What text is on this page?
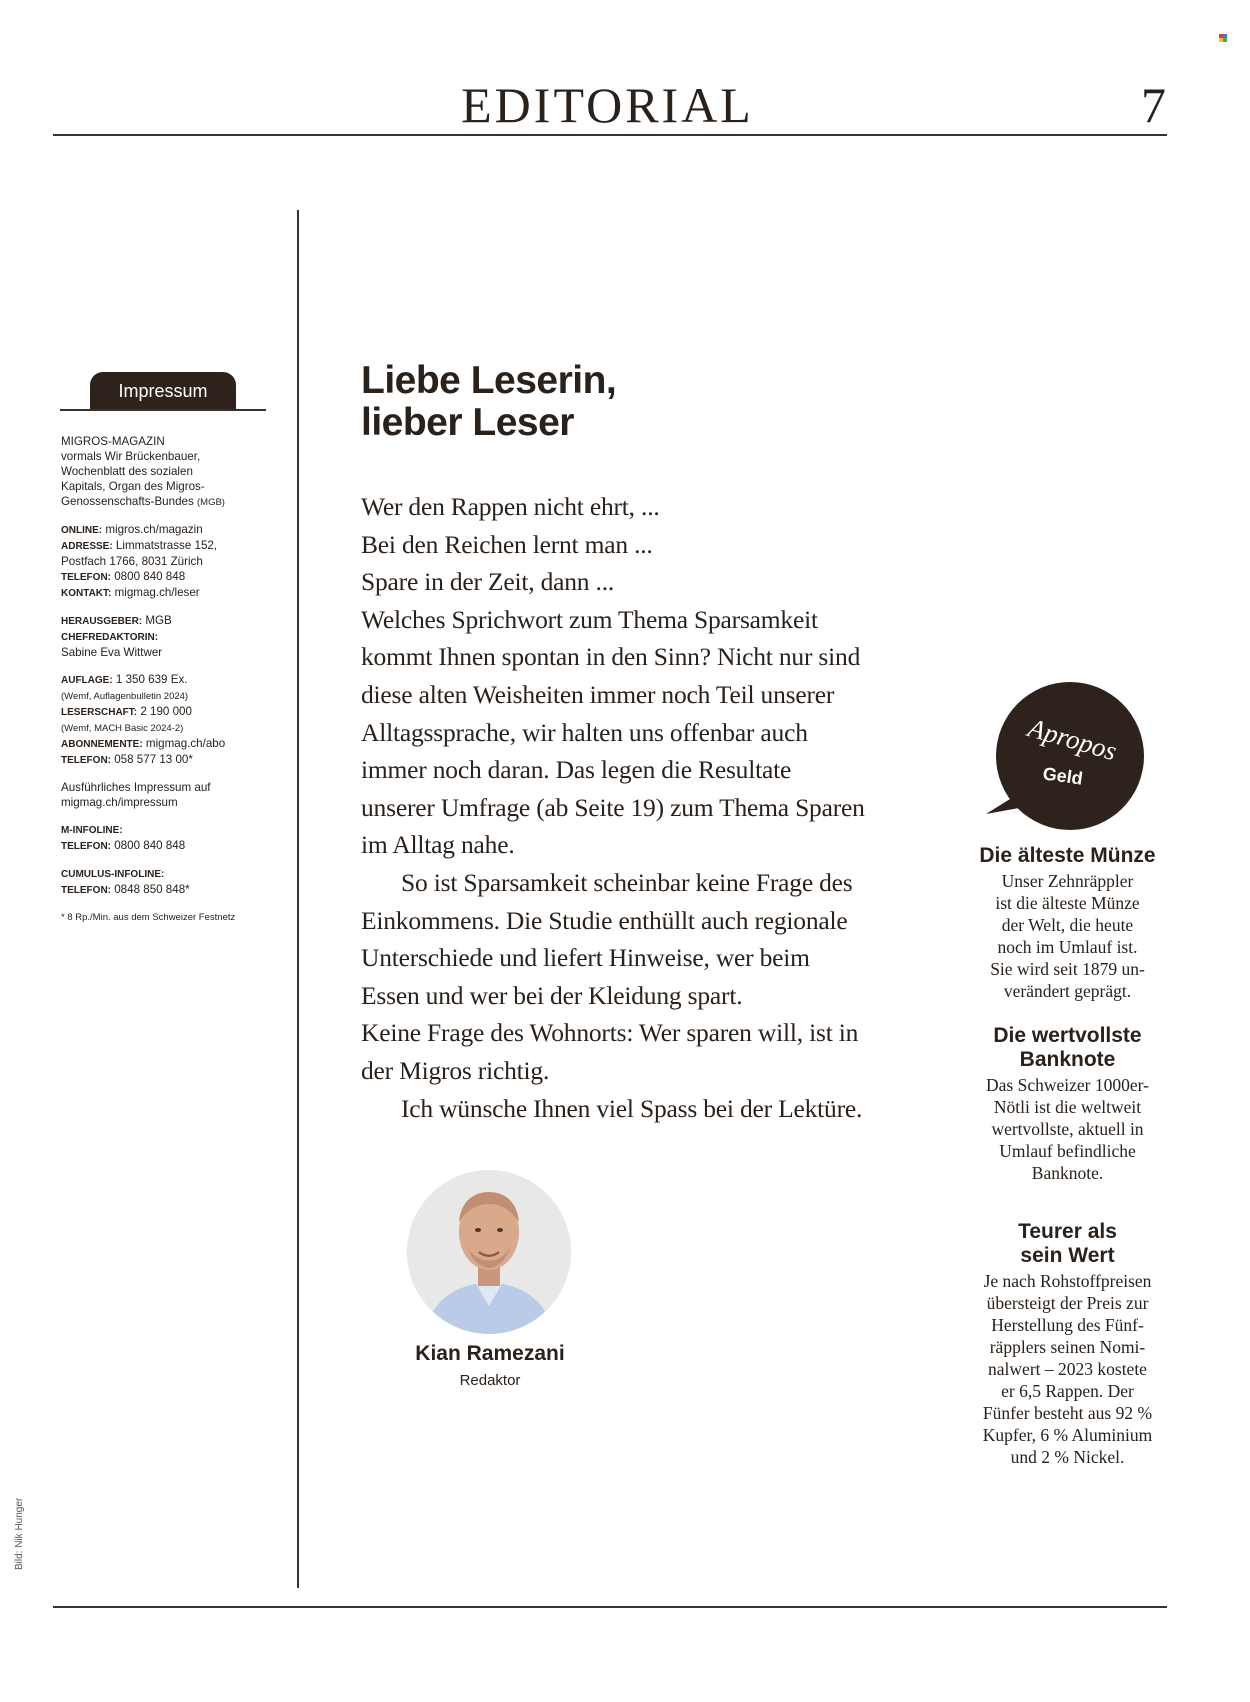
EDITORIAL	7
Impressum

MIGROS-MAGAZIN
vormals Wir Brückenbauer,
Wochenblatt des sozialen
Kapitals, Organ des Migros-
Genossenschafts-Bundes (MGB)

ONLINE: migros.ch/magazin
ADRESSE: Limmatstrasse 152,
Postfach 1766, 8031 Zürich
TELEFON: 0800 840 848
KONTAKT: migmag.ch/leser

HERAUSGEBER: MGB
CHEFREDAKTORIN:
Sabine Eva Wittwer

AUFLAGE: 1 350 639 Ex.
(Wemf, Auflagenbulletin 2024)
LESERSCHAFT: 2 190 000
(Wemf, MACH Basic 2024-2)
ABONNEMENTE: migmag.ch/abo
TELEFON: 058 577 13 00*

Ausführliches Impressum auf
migmag.ch/impressum

M-INFOLINE:
TELEFON: 0800 840 848

CUMULUS-INFOLINE:
TELEFON: 0848 850 848*

* 8 Rp./Min. aus dem Schweizer Festnetz

Bild: Nik Hunger
Liebe Leserin,
lieber Leser
Wer den Rappen nicht ehrt, ...
Bei den Reichen lernt man ...
Spare in der Zeit, dann ...
Welches Sprichwort zum Thema Sparsamkeit
kommt Ihnen spontan in den Sinn? Nicht nur sind
diese alten Weisheiten immer noch Teil unserer
Alltagssprache, wir halten uns offenbar auch
immer noch daran. Das legen die Resultate
unserer Umfrage (ab Seite 19) zum Thema Sparen
im Alltag nahe.
So ist Sparsamkeit scheinbar keine Frage des
Einkommens. Die Studie enthüllt auch regionale
Unterschiede und liefert Hinweise, wer beim
Essen und wer bei der Kleidung spart.
Keine Frage des Wohnorts: Wer sparen will, ist in
der Migros richtig.
Ich wünsche Ihnen viel Spass bei der Lektüre.
Kian Ramezani
Redaktor
Apropos
Geld
Die älteste Münze
Unser Zehnräppler
ist die älteste Münze
der Welt, die heute
noch im Umlauf ist.
Sie wird seit 1879 un-
verändert geprägt.
Die wertvollste
Banknote
Das Schweizer 1000er-
Nötli ist die weltweit
wertvollste, aktuell in
Umlauf befindliche
Banknote.
Teurer als
sein Wert
Je nach Rohstoffpreisen
übersteigt der Preis zur
Herstellung des Fünf-
räpplers seinen Nomi-
nalwert – 2023 kostete
er 6,5 Rappen. Der
Fünfer besteht aus 92 %
Kupfer, 6 % Aluminium
und 2 % Nickel.
